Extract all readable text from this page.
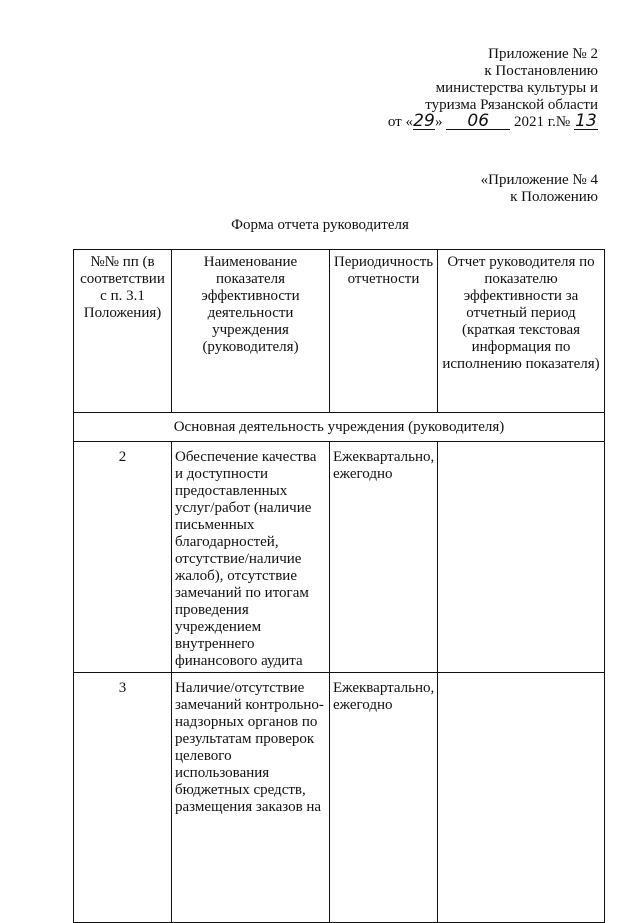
Приложение № 2
к Постановлению
министерства культуры и
туризма Рязанской области
от «29» 06 2021 г.№ 13
«Приложение № 4
к Положению
Форма отчета руководителя
№№ пп (в соответствии с п. 3.1 Положения)	Наименование показателя эффективности деятельности учреждения (руководителя)	Периодичность отчетности	Отчет руководителя по показателю эффективности за отчетный период (краткая текстовая информация по исполнению показателя)
Основная деятельность учреждения (руководителя)			
2	Обеспечение качества и доступности предоставленных услуг/работ (наличие письменных благодарностей, отсутствие/наличие жалоб), отсутствие замечаний по итогам проведения учреждением внутреннего финансового аудита	Ежеквартально, ежегодно	
3	Наличие/отсутствие замечаний контрольно-надзорных органов по результатам проверок целевого использования бюджетных средств, размещения заказов на	Ежеквартально, ежегодно	
